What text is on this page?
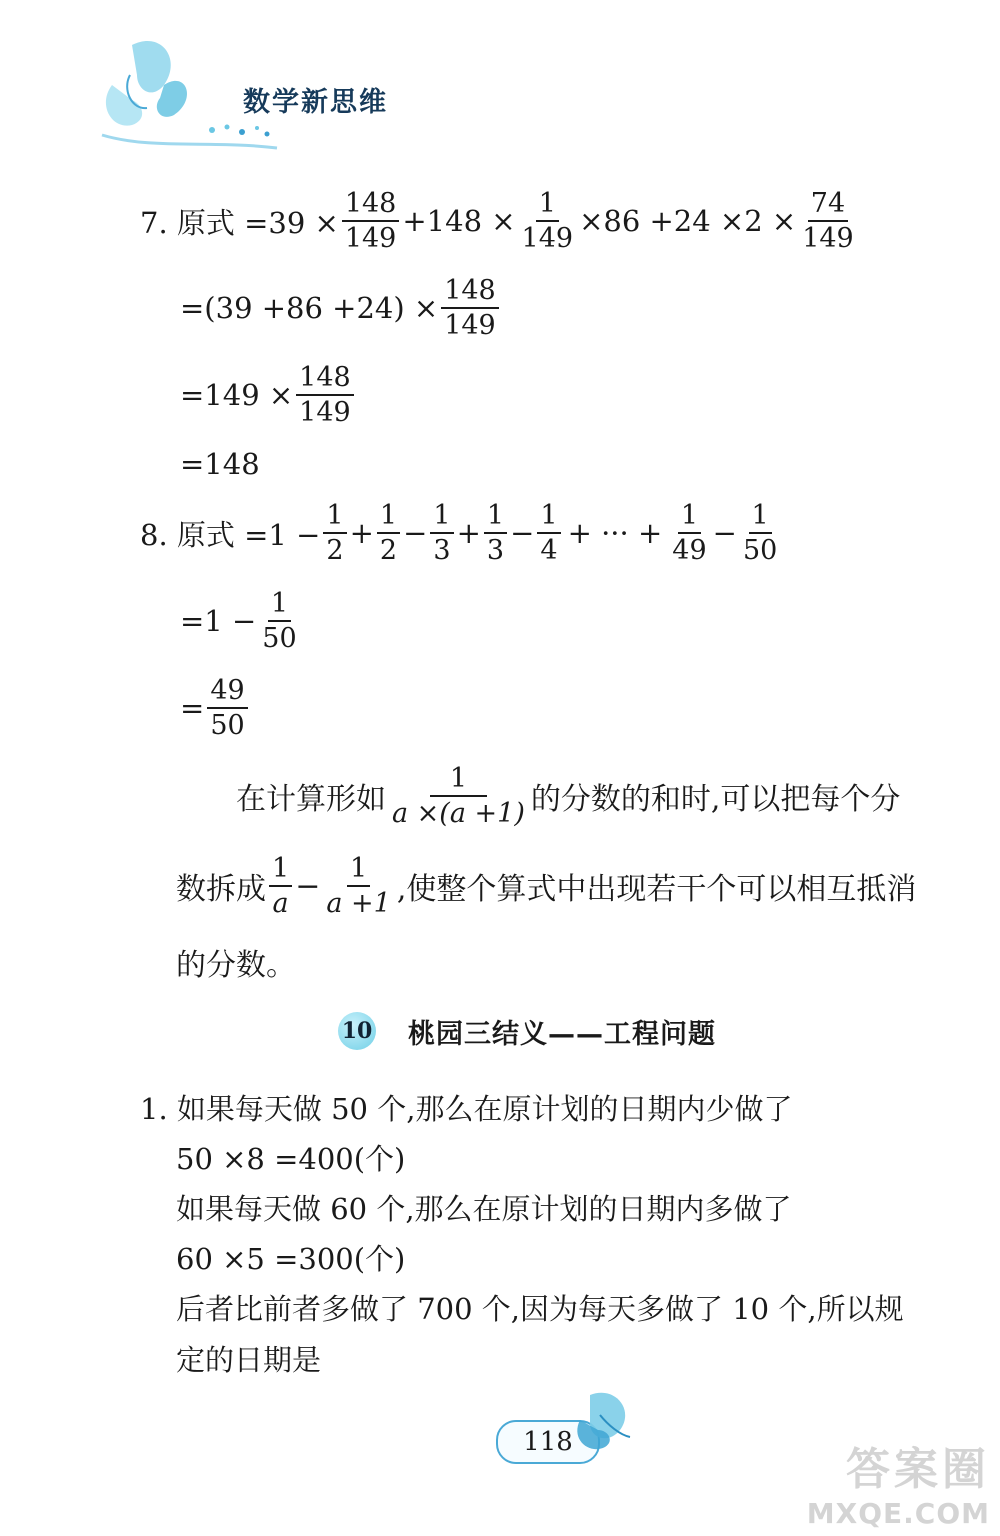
数学新思维
7. 原式 $=39 \times \frac{148}{149} +148 \times \frac{1}{149} \times 86 +24 \times 2 \times \frac{74}{149}$
$=(39 +86 +24) \times \frac{148}{149}$
$=149 \times \frac{148}{149}$
=148
8. 原式 $=1 - \frac{1}{2} + \frac{1}{2} - \frac{1}{3} + \frac{1}{3} - \frac{1}{4}$ + ··· + $\frac{1}{49} - \frac{1}{50}$
$=1 - \frac{1}{50}$
= $\frac{49}{50}$
在计算形如 $\frac{1}{a \times(a +1)}$ 的分数的和时,可以把每个分
数拆成 $\frac{1}{a} - \frac{1}{a +1}$ ,使整个算式中出现若干个可以相互抵消
的分数。
10 桃园三结义——工程问题
1. 如果每天做 50 个,那么在原计划的日期内少做了
50 ×8 =400(个)
如果每天做 60 个,那么在原计划的日期内多做了
60 ×5 =300(个)
后者比前者多做了 700 个,因为每天多做了 10 个,所以规
定的日期是
118
答案圈
MXQE.COM
